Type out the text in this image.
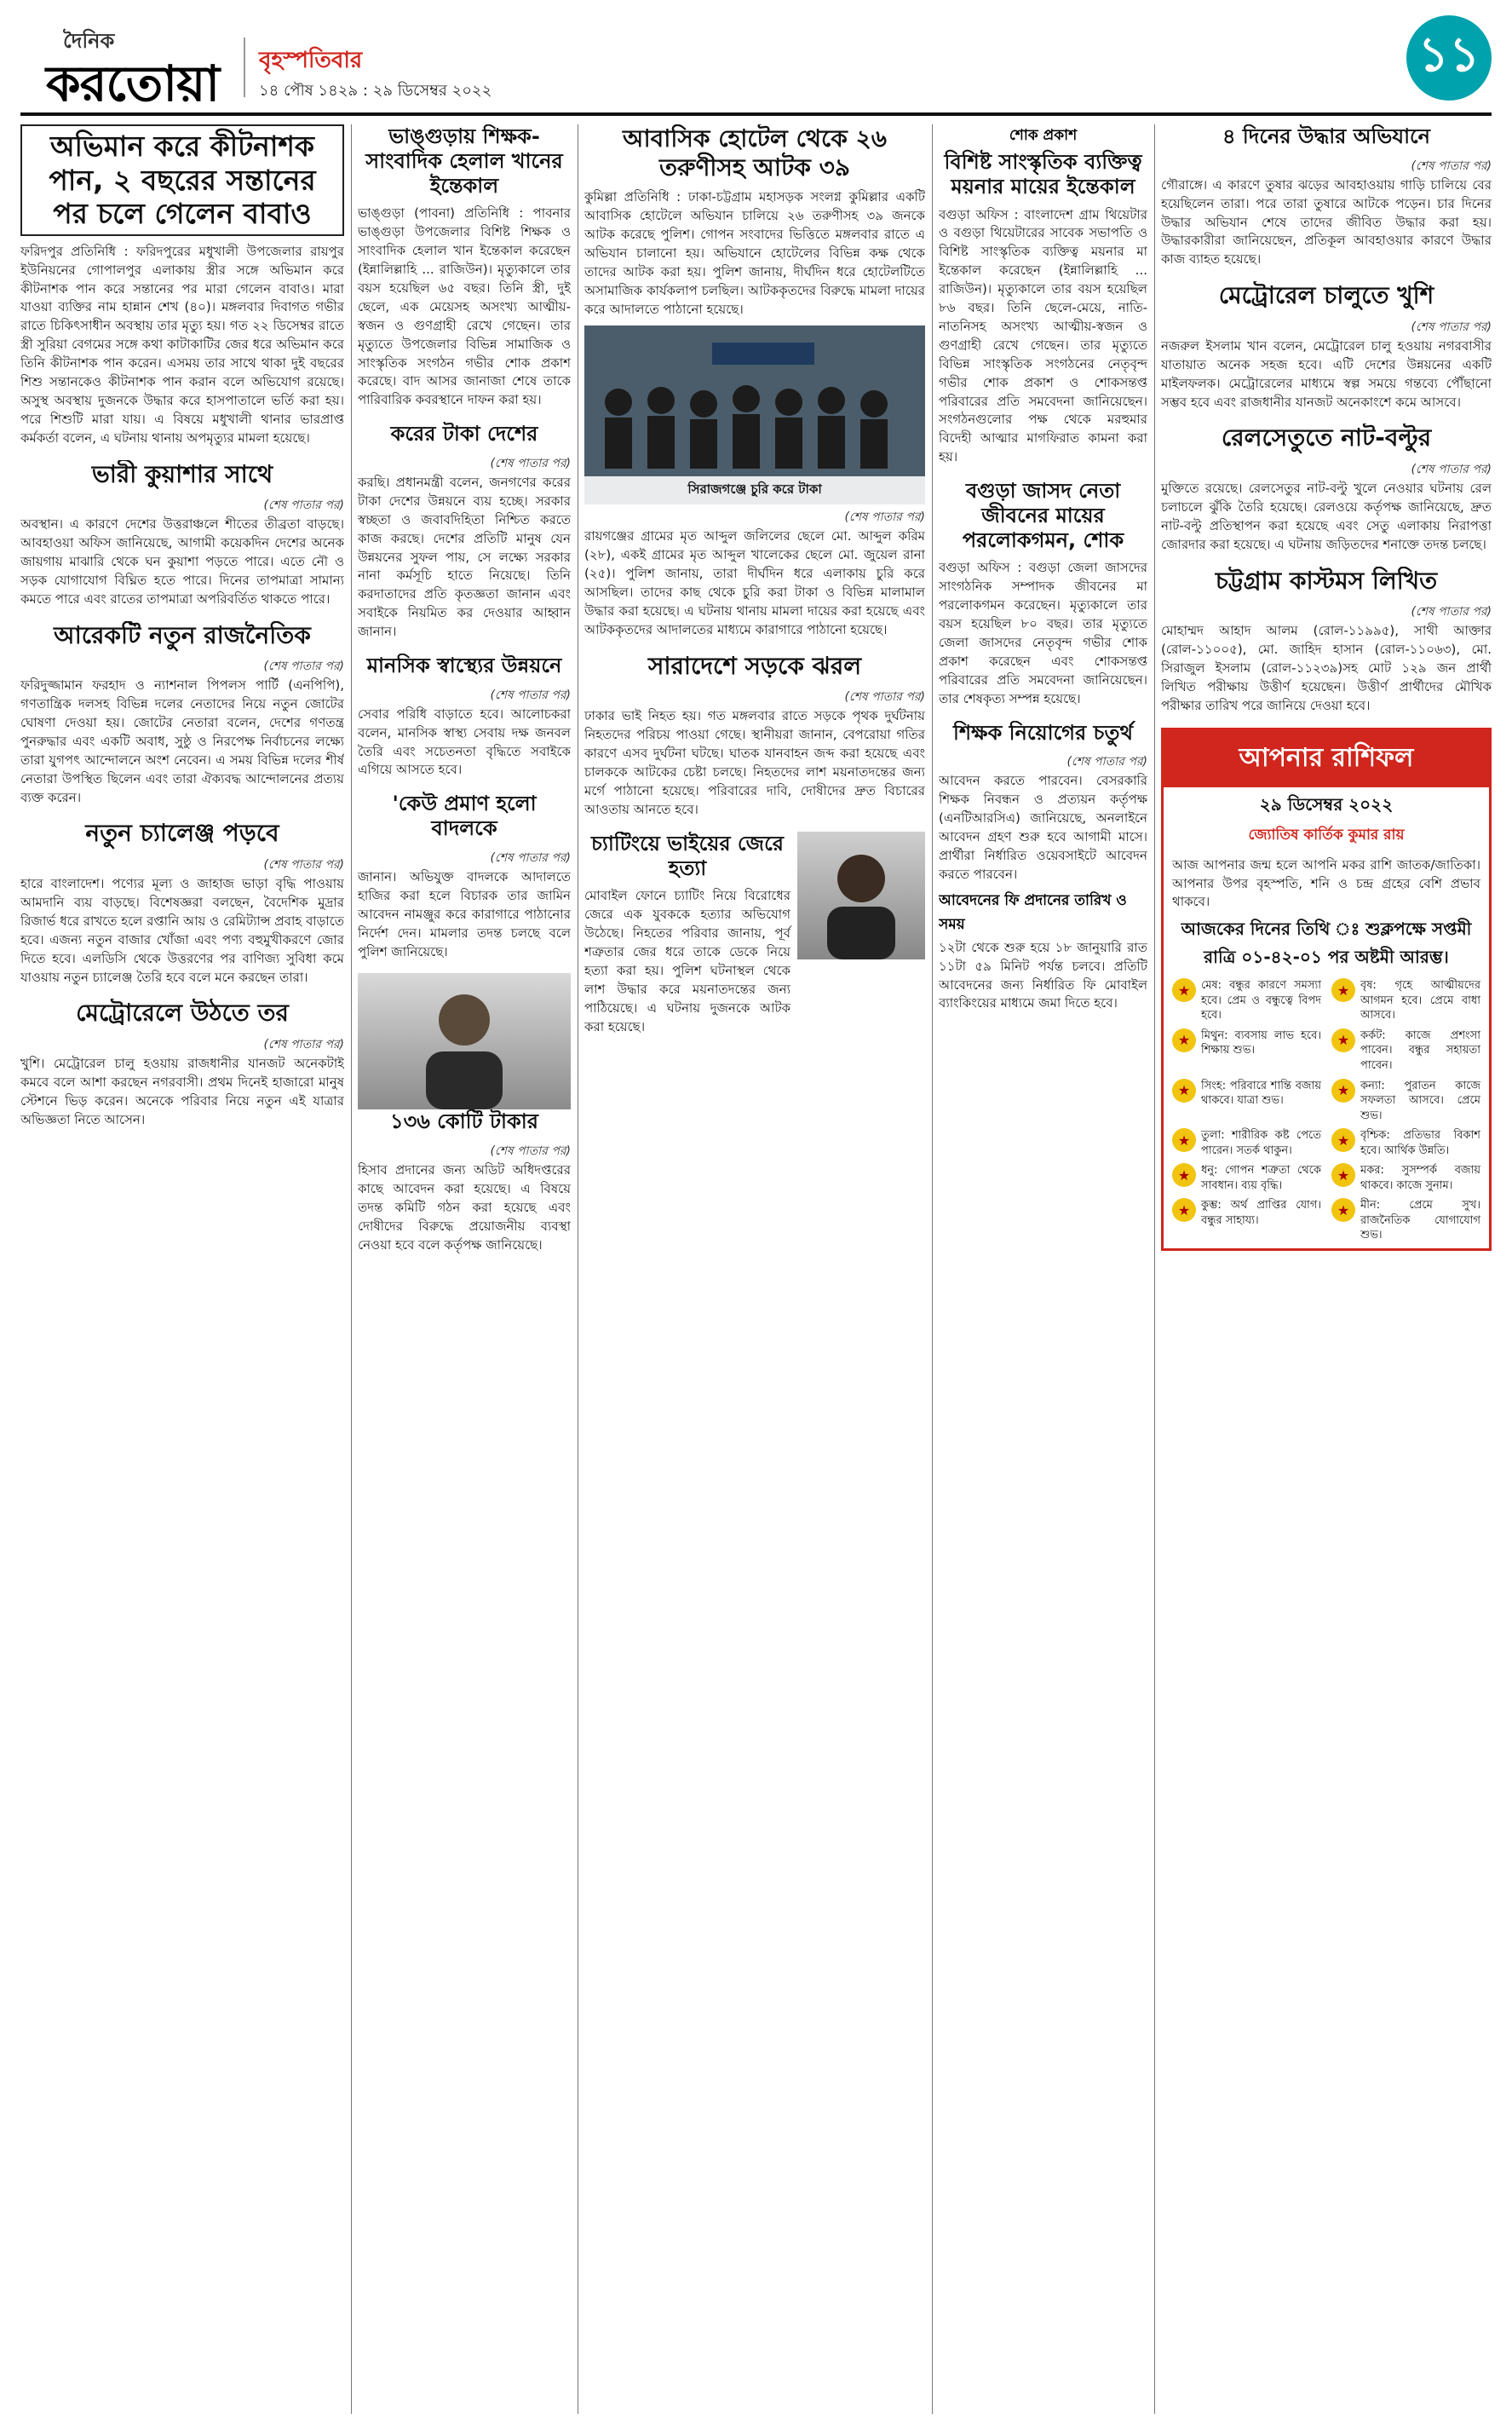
দৈনিক
করতোয়া বৃহস্পতিবার
১৪ পৌষ ১৪২৯ : ২৯ ডিসেম্বর ২০২২
১১
অভিমান করে কীটনাশক পান, ২ বছরের সন্তানের পর চলে গেলেন বাবাও
ফরিদপুর প্রতিনিধি : ফরিদপুরের মধুখালী উপজেলার রায়পুর ইউনিয়নের গোপালপুর এলাকায় স্ত্রীর সঙ্গে অভিমান করে কীটনাশক পান করে সন্তানের পর মারা গেলেন বাবাও। মারা যাওয়া ব্যক্তির নাম হান্নান শেখ (৪০)। মঙ্গলবার দিবাগত গভীর রাতে চিকিৎসাধীন অবস্থায় তার মৃত্যু হয়। গত ২২ ডিসেম্বর রাতে স্ত্রী সুরিয়া বেগমের সঙ্গে কথা কাটাকাটির জের ধরে অভিমান করে তিনি কীটনাশক পান করেন। এসময় তার সাথে থাকা দুই বছরের শিশু সন্তানকেও কীটনাশক পান করান বলে অভিযোগ রয়েছে। অসুস্থ অবস্থায় দুজনকে উদ্ধার করে হাসপাতালে ভর্তি করা হয়। পরে শিশুটি মারা যায়। এ বিষয়ে মধুখালী থানার ভারপ্রাপ্ত কর্মকর্তা বলেন, এ ঘটনায় থানায় অপমৃত্যুর মামলা হয়েছে।
ভারী কুয়াশার সাথে
(শেষ পাতার পর)
অবস্থান। এ কারণে দেশের উত্তরাঞ্চলে শীতের তীব্রতা বাড়ছে। আবহাওয়া অফিস জানিয়েছে, আগামী কয়েকদিন দেশের অনেক জায়গায় মাঝারি থেকে ঘন কুয়াশা পড়তে পারে। এতে নৌ ও সড়ক যোগাযোগ বিঘ্নিত হতে পারে। দিনের তাপমাত্রা সামান্য কমতে পারে এবং রাতের তাপমাত্রা অপরিবর্তিত থাকতে পারে।
আরেকটি নতুন রাজনৈতিক
(শেষ পাতার পর)
ফরিদুজ্জামান ফরহাদ ও ন্যাশনাল পিপলস পার্টি (এনপিপি), গণতান্ত্রিক দলসহ বিভিন্ন দলের নেতাদের নিয়ে নতুন জোটের ঘোষণা দেওয়া হয়। জোটের নেতারা বলেন, দেশের গণতন্ত্র পুনরুদ্ধার এবং একটি অবাধ, সুষ্ঠু ও নিরপেক্ষ নির্বাচনের লক্ষ্যে তারা যুগপৎ আন্দোলনে অংশ নেবেন। এ সময় বিভিন্ন দলের শীর্ষ নেতারা উপস্থিত ছিলেন এবং তারা ঐক্যবদ্ধ আন্দোলনের প্রত্যয় ব্যক্ত করেন।
নতুন চ্যালেঞ্জ পড়বে
(শেষ পাতার পর)
হারে বাংলাদেশ। পণ্যের মূল্য ও জাহাজ ভাড়া বৃদ্ধি পাওয়ায় আমদানি ব্যয় বাড়ছে। বিশেষজ্ঞরা বলছেন, বৈদেশিক মুদ্রার রিজার্ভ ধরে রাখতে হলে রপ্তানি আয় ও রেমিট্যান্স প্রবাহ বাড়াতে হবে। এজন্য নতুন বাজার খোঁজা এবং পণ্য বহুমুখীকরণে জোর দিতে হবে। এলডিসি থেকে উত্তরণের পর বাণিজ্য সুবিধা কমে যাওয়ায় নতুন চ্যালেঞ্জ তৈরি হবে বলে মনে করছেন তারা।
মেট্রোরেলে উঠতে তর
(শেষ পাতার পর)
খুশি। মেট্রোরেল চালু হওয়ায় রাজধানীর যানজট অনেকটাই কমবে বলে আশা করছেন নগরবাসী। প্রথম দিনেই হাজারো মানুষ স্টেশনে ভিড় করেন। অনেকে পরিবার নিয়ে নতুন এই যাত্রার অভিজ্ঞতা নিতে আসেন।
ভাঙ্গুড়ায় শিক্ষক-সাংবাদিক হেলাল খানের ইন্তেকাল
ভাঙ্গুড়া (পাবনা) প্রতিনিধি : পাবনার ভাঙ্গুড়া উপজেলার বিশিষ্ট শিক্ষক ও সাংবাদিক হেলাল খান ইন্তেকাল করেছেন (ইন্নালিল্লাহি ... রাজিউন)। মৃত্যুকালে তার বয়স হয়েছিল ৬৫ বছর। তিনি স্ত্রী, দুই ছেলে, এক মেয়েসহ অসংখ্য আত্মীয়-স্বজন ও গুণগ্রাহী রেখে গেছেন। তার মৃত্যুতে উপজেলার বিভিন্ন সামাজিক ও সাংস্কৃতিক সংগঠন গভীর শোক প্রকাশ করেছে। বাদ আসর জানাজা শেষে তাকে পারিবারিক কবরস্থানে দাফন করা হয়।
করের টাকা দেশের
(শেষ পাতার পর)
করছি। প্রধানমন্ত্রী বলেন, জনগণের করের টাকা দেশের উন্নয়নে ব্যয় হচ্ছে। সরকার স্বচ্ছতা ও জবাবদিহিতা নিশ্চিত করতে কাজ করছে। দেশের প্রতিটি মানুষ যেন উন্নয়নের সুফল পায়, সে লক্ষ্যে সরকার নানা কর্মসূচি হাতে নিয়েছে। তিনি করদাতাদের প্রতি কৃতজ্ঞতা জানান এবং সবাইকে নিয়মিত কর দেওয়ার আহ্বান জানান।
মানসিক স্বাস্থ্যের উন্নয়নে
(শেষ পাতার পর)
সেবার পরিধি বাড়াতে হবে। আলোচকরা বলেন, মানসিক স্বাস্থ্য সেবায় দক্ষ জনবল তৈরি এবং সচেতনতা বৃদ্ধিতে সবাইকে এগিয়ে আসতে হবে।
'কেউ প্রমাণ হলো বাদলকে
(শেষ পাতার পর)
জানান। অভিযুক্ত বাদলকে আদালতে হাজির করা হলে বিচারক তার জামিন আবেদন নামঞ্জুর করে কারাগারে পাঠানোর নির্দেশ দেন। মামলার তদন্ত চলছে বলে পুলিশ জানিয়েছে।
১৩৬ কোটি টাকার
(শেষ পাতার পর)
হিসাব প্রদানের জন্য অডিট অধিদপ্তরের কাছে আবেদন করা হয়েছে। এ বিষয়ে তদন্ত কমিটি গঠন করা হয়েছে এবং দোষীদের বিরুদ্ধে প্রয়োজনীয় ব্যবস্থা নেওয়া হবে বলে কর্তৃপক্ষ জানিয়েছে।
আবাসিক হোটেল থেকে ২৬ তরুণীসহ আটক ৩৯
কুমিল্লা প্রতিনিধি : ঢাকা-চট্টগ্রাম মহাসড়ক সংলগ্ন কুমিল্লার একটি আবাসিক হোটেলে অভিযান চালিয়ে ২৬ তরুণীসহ ৩৯ জনকে আটক করেছে পুলিশ। গোপন সংবাদের ভিত্তিতে মঙ্গলবার রাতে এ অভিযান চালানো হয়। অভিযানে হোটেলের বিভিন্ন কক্ষ থেকে তাদের আটক করা হয়। পুলিশ জানায়, দীর্ঘদিন ধরে হোটেলটিতে অসামাজিক কার্যকলাপ চলছিল। আটককৃতদের বিরুদ্ধে মামলা দায়ের করে আদালতে পাঠানো হয়েছে।
সিরাজগঞ্জে চুরি করে টাকা
(শেষ পাতার পর)
রায়গঞ্জের গ্রামের মৃত আব্দুল জলিলের ছেলে মো. আব্দুল করিম (২৮), একই গ্রামের মৃত আব্দুল খালেকের ছেলে মো. জুয়েল রানা (২৫)। পুলিশ জানায়, তারা দীর্ঘদিন ধরে এলাকায় চুরি করে আসছিল। তাদের কাছ থেকে চুরি করা টাকা ও বিভিন্ন মালামাল উদ্ধার করা হয়েছে। এ ঘটনায় থানায় মামলা দায়ের করা হয়েছে এবং আটককৃতদের আদালতের মাধ্যমে কারাগারে পাঠানো হয়েছে।
সারাদেশে সড়কে ঝরল
(শেষ পাতার পর)
ঢাকার ভাই নিহত হয়। গত মঙ্গলবার রাতে সড়কে পৃথক দুর্ঘটনায় নিহতদের পরিচয় পাওয়া গেছে। স্থানীয়রা জানান, বেপরোয়া গতির কারণে এসব দুর্ঘটনা ঘটছে। ঘাতক যানবাহন জব্দ করা হয়েছে এবং চালককে আটকের চেষ্টা চলছে। নিহতদের লাশ ময়নাতদন্তের জন্য মর্গে পাঠানো হয়েছে। পরিবারের দাবি, দোষীদের দ্রুত বিচারের আওতায় আনতে হবে।
চ্যাটিংয়ে ভাইয়ের জেরে হত্যা
মোবাইল ফোনে চ্যাটিং নিয়ে বিরোধের জেরে এক যুবককে হত্যার অভিযোগ উঠেছে। নিহতের পরিবার জানায়, পূর্ব শত্রুতার জের ধরে তাকে ডেকে নিয়ে হত্যা করা হয়। পুলিশ ঘটনাস্থল থেকে লাশ উদ্ধার করে ময়নাতদন্তের জন্য পাঠিয়েছে। এ ঘটনায় দুজনকে আটক করা হয়েছে।
শোক প্রকাশ
বিশিষ্ট সাংস্কৃতিক ব্যক্তিত্ব ময়নার মায়ের ইন্তেকাল
বগুড়া অফিস : বাংলাদেশ গ্রাম থিয়েটার ও বগুড়া থিয়েটারের সাবেক সভাপতি ও বিশিষ্ট সাংস্কৃতিক ব্যক্তিত্ব ময়নার মা ইন্তেকাল করেছেন (ইন্নালিল্লাহি ... রাজিউন)। মৃত্যুকালে তার বয়স হয়েছিল ৮৬ বছর। তিনি ছেলে-মেয়ে, নাতি-নাতনিসহ অসংখ্য আত্মীয়-স্বজন ও গুণগ্রাহী রেখে গেছেন। তার মৃত্যুতে বিভিন্ন সাংস্কৃতিক সংগঠনের নেতৃবৃন্দ গভীর শোক প্রকাশ ও শোকসন্তপ্ত পরিবারের প্রতি সমবেদনা জানিয়েছেন। সংগঠনগুলোর পক্ষ থেকে মরহুমার বিদেহী আত্মার মাগফিরাত কামনা করা হয়।
বগুড়া জাসদ নেতা জীবনের মায়ের পরলোকগমন, শোক
বগুড়া অফিস : বগুড়া জেলা জাসদের সাংগঠনিক সম্পাদক জীবনের মা পরলোকগমন করেছেন। মৃত্যুকালে তার বয়স হয়েছিল ৮০ বছর। তার মৃত্যুতে জেলা জাসদের নেতৃবৃন্দ গভীর শোক প্রকাশ করেছেন এবং শোকসন্তপ্ত পরিবারের প্রতি সমবেদনা জানিয়েছেন। তার শেষকৃত্য সম্পন্ন হয়েছে।
শিক্ষক নিয়োগের চতুর্থ
(শেষ পাতার পর)
আবেদন করতে পারবেন। বেসরকারি শিক্ষক নিবন্ধন ও প্রত্যয়ন কর্তৃপক্ষ (এনটিআরসিএ) জানিয়েছে, অনলাইনে আবেদন গ্রহণ শুরু হবে আগামী মাসে। প্রার্থীরা নির্ধারিত ওয়েবসাইটে আবেদন করতে পারবেন।
আবেদনের ফি প্রদানের তারিখ ও সময়
১২টা থেকে শুরু হয়ে ১৮ জানুয়ারি রাত ১১টা ৫৯ মিনিট পর্যন্ত চলবে। প্রতিটি আবেদনের জন্য নির্ধারিত ফি মোবাইল ব্যাংকিংয়ের মাধ্যমে জমা দিতে হবে।
৪ দিনের উদ্ধার অভিযানে
(শেষ পাতার পর)
গৌরাঙ্গে। এ কারণে তুষার ঝড়ের আবহাওয়ায় গাড়ি চালিয়ে বের হয়েছিলেন তারা। পরে তারা তুষারে আটকে পড়েন। চার দিনের উদ্ধার অভিযান শেষে তাদের জীবিত উদ্ধার করা হয়। উদ্ধারকারীরা জানিয়েছেন, প্রতিকূল আবহাওয়ার কারণে উদ্ধার কাজ ব্যাহত হয়েছে।
মেট্রোরেল চালুতে খুশি
(শেষ পাতার পর)
নজরুল ইসলাম খান বলেন, মেট্রোরেল চালু হওয়ায় নগরবাসীর যাতায়াত অনেক সহজ হবে। এটি দেশের উন্নয়নের একটি মাইলফলক। মেট্রোরেলের মাধ্যমে স্বল্প সময়ে গন্তব্যে পৌঁছানো সম্ভব হবে এবং রাজধানীর যানজট অনেকাংশে কমে আসবে।
রেলসেতুতে নাট-বল্টুর
(শেষ পাতার পর)
মুক্তিতে রয়েছে। রেলসেতুর নাট-বল্টু খুলে নেওয়ার ঘটনায় রেল চলাচলে ঝুঁকি তৈরি হয়েছে। রেলওয়ে কর্তৃপক্ষ জানিয়েছে, দ্রুত নাট-বল্টু প্রতিস্থাপন করা হয়েছে এবং সেতু এলাকায় নিরাপত্তা জোরদার করা হয়েছে। এ ঘটনায় জড়িতদের শনাক্তে তদন্ত চলছে।
চট্টগ্রাম কাস্টমস লিখিত
(শেষ পাতার পর)
মোহাম্মদ আহাদ আলম (রোল-১১৯৯৫), সাথী আক্তার (রোল-১১০০৫), মো. জাহিদ হাসান (রোল-১১০৬৩), মো. সিরাজুল ইসলাম (রোল-১১২৩৯)সহ মোট ১২৯ জন প্রার্থী লিখিত পরীক্ষায় উত্তীর্ণ হয়েছেন। উত্তীর্ণ প্রার্থীদের মৌখিক পরীক্ষার তারিখ পরে জানিয়ে দেওয়া হবে।
আপনার রাশিফল
২৯ ডিসেম্বর ২০২২
জ্যোতিষ কার্তিক কুমার রায়
আজ আপনার জন্ম হলে আপনি মকর রাশি জাতক/জাতিকা। আপনার উপর বৃহস্পতি, শনি ও চন্দ্র গ্রহের বেশি প্রভাব থাকবে।
আজকের দিনের তিথি ঃ শুক্লপক্ষে সপ্তমী রাত্রি ০১-৪২-০১ পর অষ্টমী আরম্ভ।
★ মেষ: বন্ধুর কারণে সমস্যা হবে। প্রেম ও বন্ধুত্বে বিপদ হবে।
★ বৃষ: গৃহে আত্মীয়দের আগমন হবে। প্রেমে বাধা আসবে।
★ মিথুন: ব্যবসায় লাভ হবে। শিক্ষায় শুভ।
★ কর্কট: কাজে প্রশংসা পাবেন। বন্ধুর সহায়তা পাবেন।
★ সিংহ: পরিবারে শান্তি বজায় থাকবে। যাত্রা শুভ।
★ কন্যা: পুরাতন কাজে সফলতা আসবে। প্রেমে শুভ।
★ তুলা: শারীরিক কষ্ট পেতে পারেন। সতর্ক থাকুন।
★ বৃশ্চিক: প্রতিভার বিকাশ হবে। আর্থিক উন্নতি।
★ ধনু: গোপন শত্রুতা থেকে সাবধান। ব্যয় বৃদ্ধি।
★ মকর: সুসম্পর্ক বজায় থাকবে। কাজে সুনাম।
★ কুম্ভ: অর্থ প্রাপ্তির যোগ। বন্ধুর সাহায্য।
★ মীন: প্রেমে সুখ। রাজনৈতিক যোগাযোগ শুভ।
